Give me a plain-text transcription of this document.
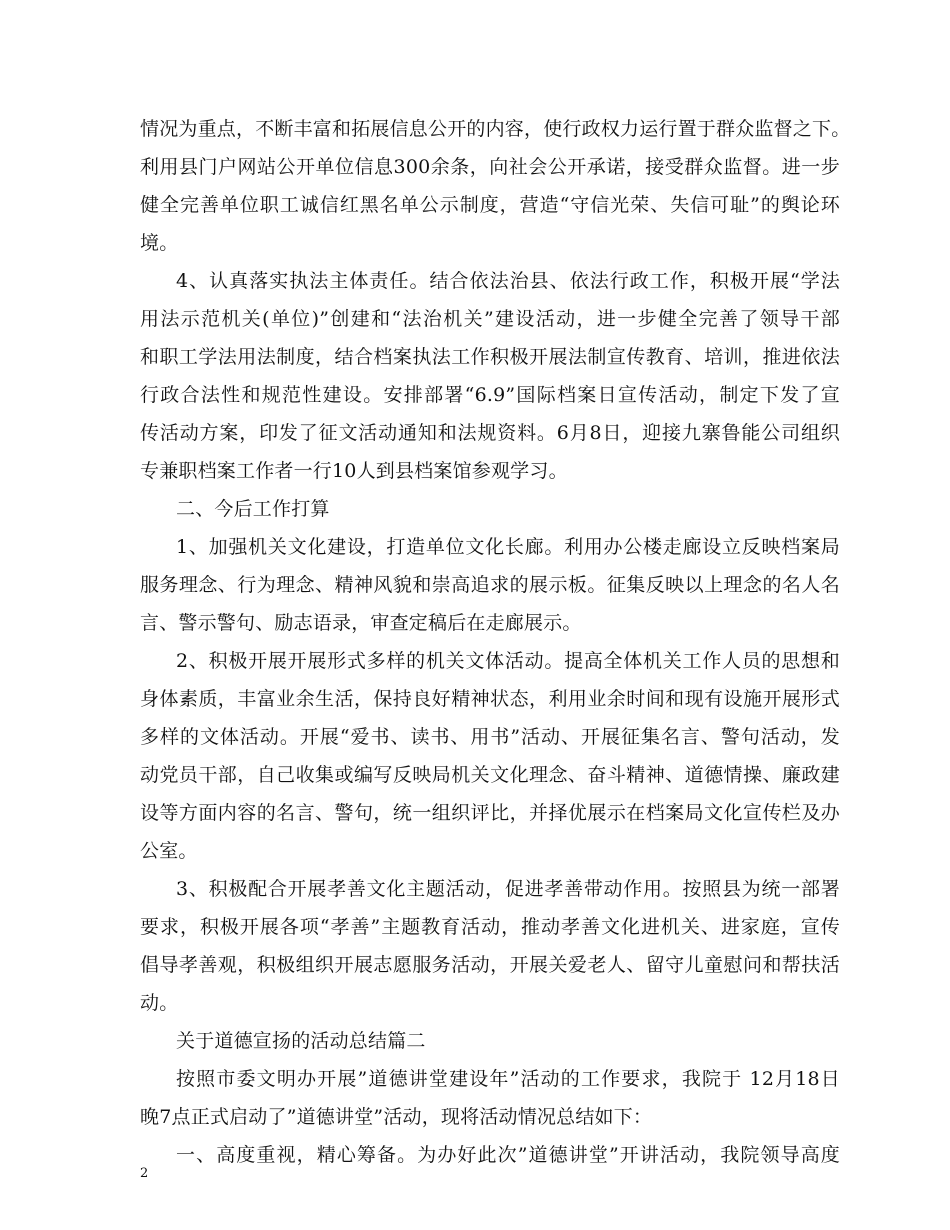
情况为重点，不断丰富和拓展信息公开的内容，使行政权力运行置于群众监督之下。
利用县门户网站公开单位信息300余条，向社会公开承诺，接受群众监督。进一步
健全完善单位职工诚信红黑名单公示制度，营造“守信光荣、失信可耻”的舆论环
境。
4、认真落实执法主体责任。结合依法治县、依法行政工作，积极开展“学法
用法示范机关(单位)”创建和“法治机关”建设活动，进一步健全完善了领导干部
和职工学法用法制度，结合档案执法工作积极开展法制宣传教育、培训，推进依法
行政合法性和规范性建设。安排部署“6.9”国际档案日宣传活动，制定下发了宣
传活动方案，印发了征文活动通知和法规资料。6月8日，迎接九寨鲁能公司组织
专兼职档案工作者一行10人到县档案馆参观学习。
二、今后工作打算
1、加强机关文化建设，打造单位文化长廊。利用办公楼走廊设立反映档案局
服务理念、行为理念、精神风貌和崇高追求的展示板。征集反映以上理念的名人名
言、警示警句、励志语录，审查定稿后在走廊展示。
2、积极开展开展形式多样的机关文体活动。提高全体机关工作人员的思想和
身体素质，丰富业余生活，保持良好精神状态，利用业余时间和现有设施开展形式
多样的文体活动。开展“爱书、读书、用书”活动、开展征集名言、警句活动，发
动党员干部，自己收集或编写反映局机关文化理念、奋斗精神、道德情操、廉政建
设等方面内容的名言、警句，统一组织评比，并择优展示在档案局文化宣传栏及办
公室。
3、积极配合开展孝善文化主题活动，促进孝善带动作用。按照县为统一部署
要求，积极开展各项“孝善”主题教育活动，推动孝善文化进机关、进家庭，宣传
倡导孝善观，积极组织开展志愿服务活动，开展关爱老人、留守儿童慰问和帮扶活
动。
关于道德宣扬的活动总结篇二
按照市委文明办开展”道德讲堂建设年”活动的工作要求，我院于 12月18日
晚7点正式启动了”道德讲堂”活动，现将活动情况总结如下：
一、高度重视，精心筹备。为办好此次”道德讲堂”开讲活动，我院领导高度
2
